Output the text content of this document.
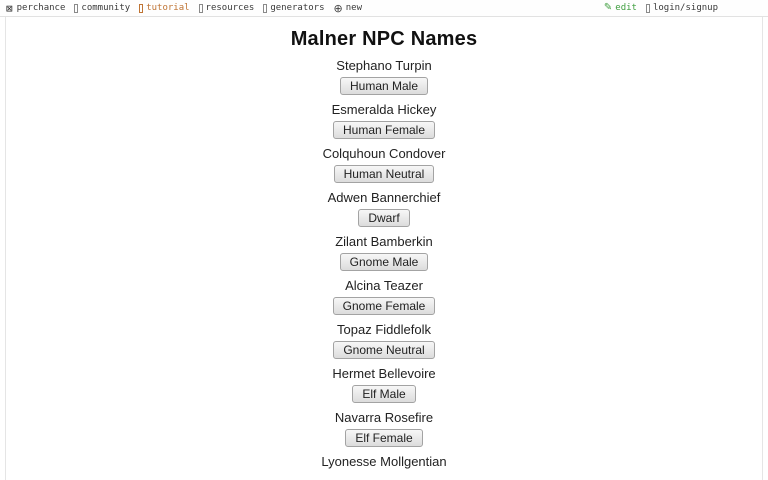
⊠ perchance community tutorial resources generators ⊕ new	✎ edit login/signup
Malner NPC Names
Stephano Turpin
Human Male
Esmeralda Hickey
Human Female
Colquhoun Condover
Human Neutral
Adwen Bannerchief
Dwarf
Zilant Bamberkin
Gnome Male
Alcina Teazer
Gnome Female
Topaz Fiddlefolk
Gnome Neutral
Hermet Bellevoire
Elf Male
Navarra Rosefire
Elf Female
Lyonesse Mollgentian
